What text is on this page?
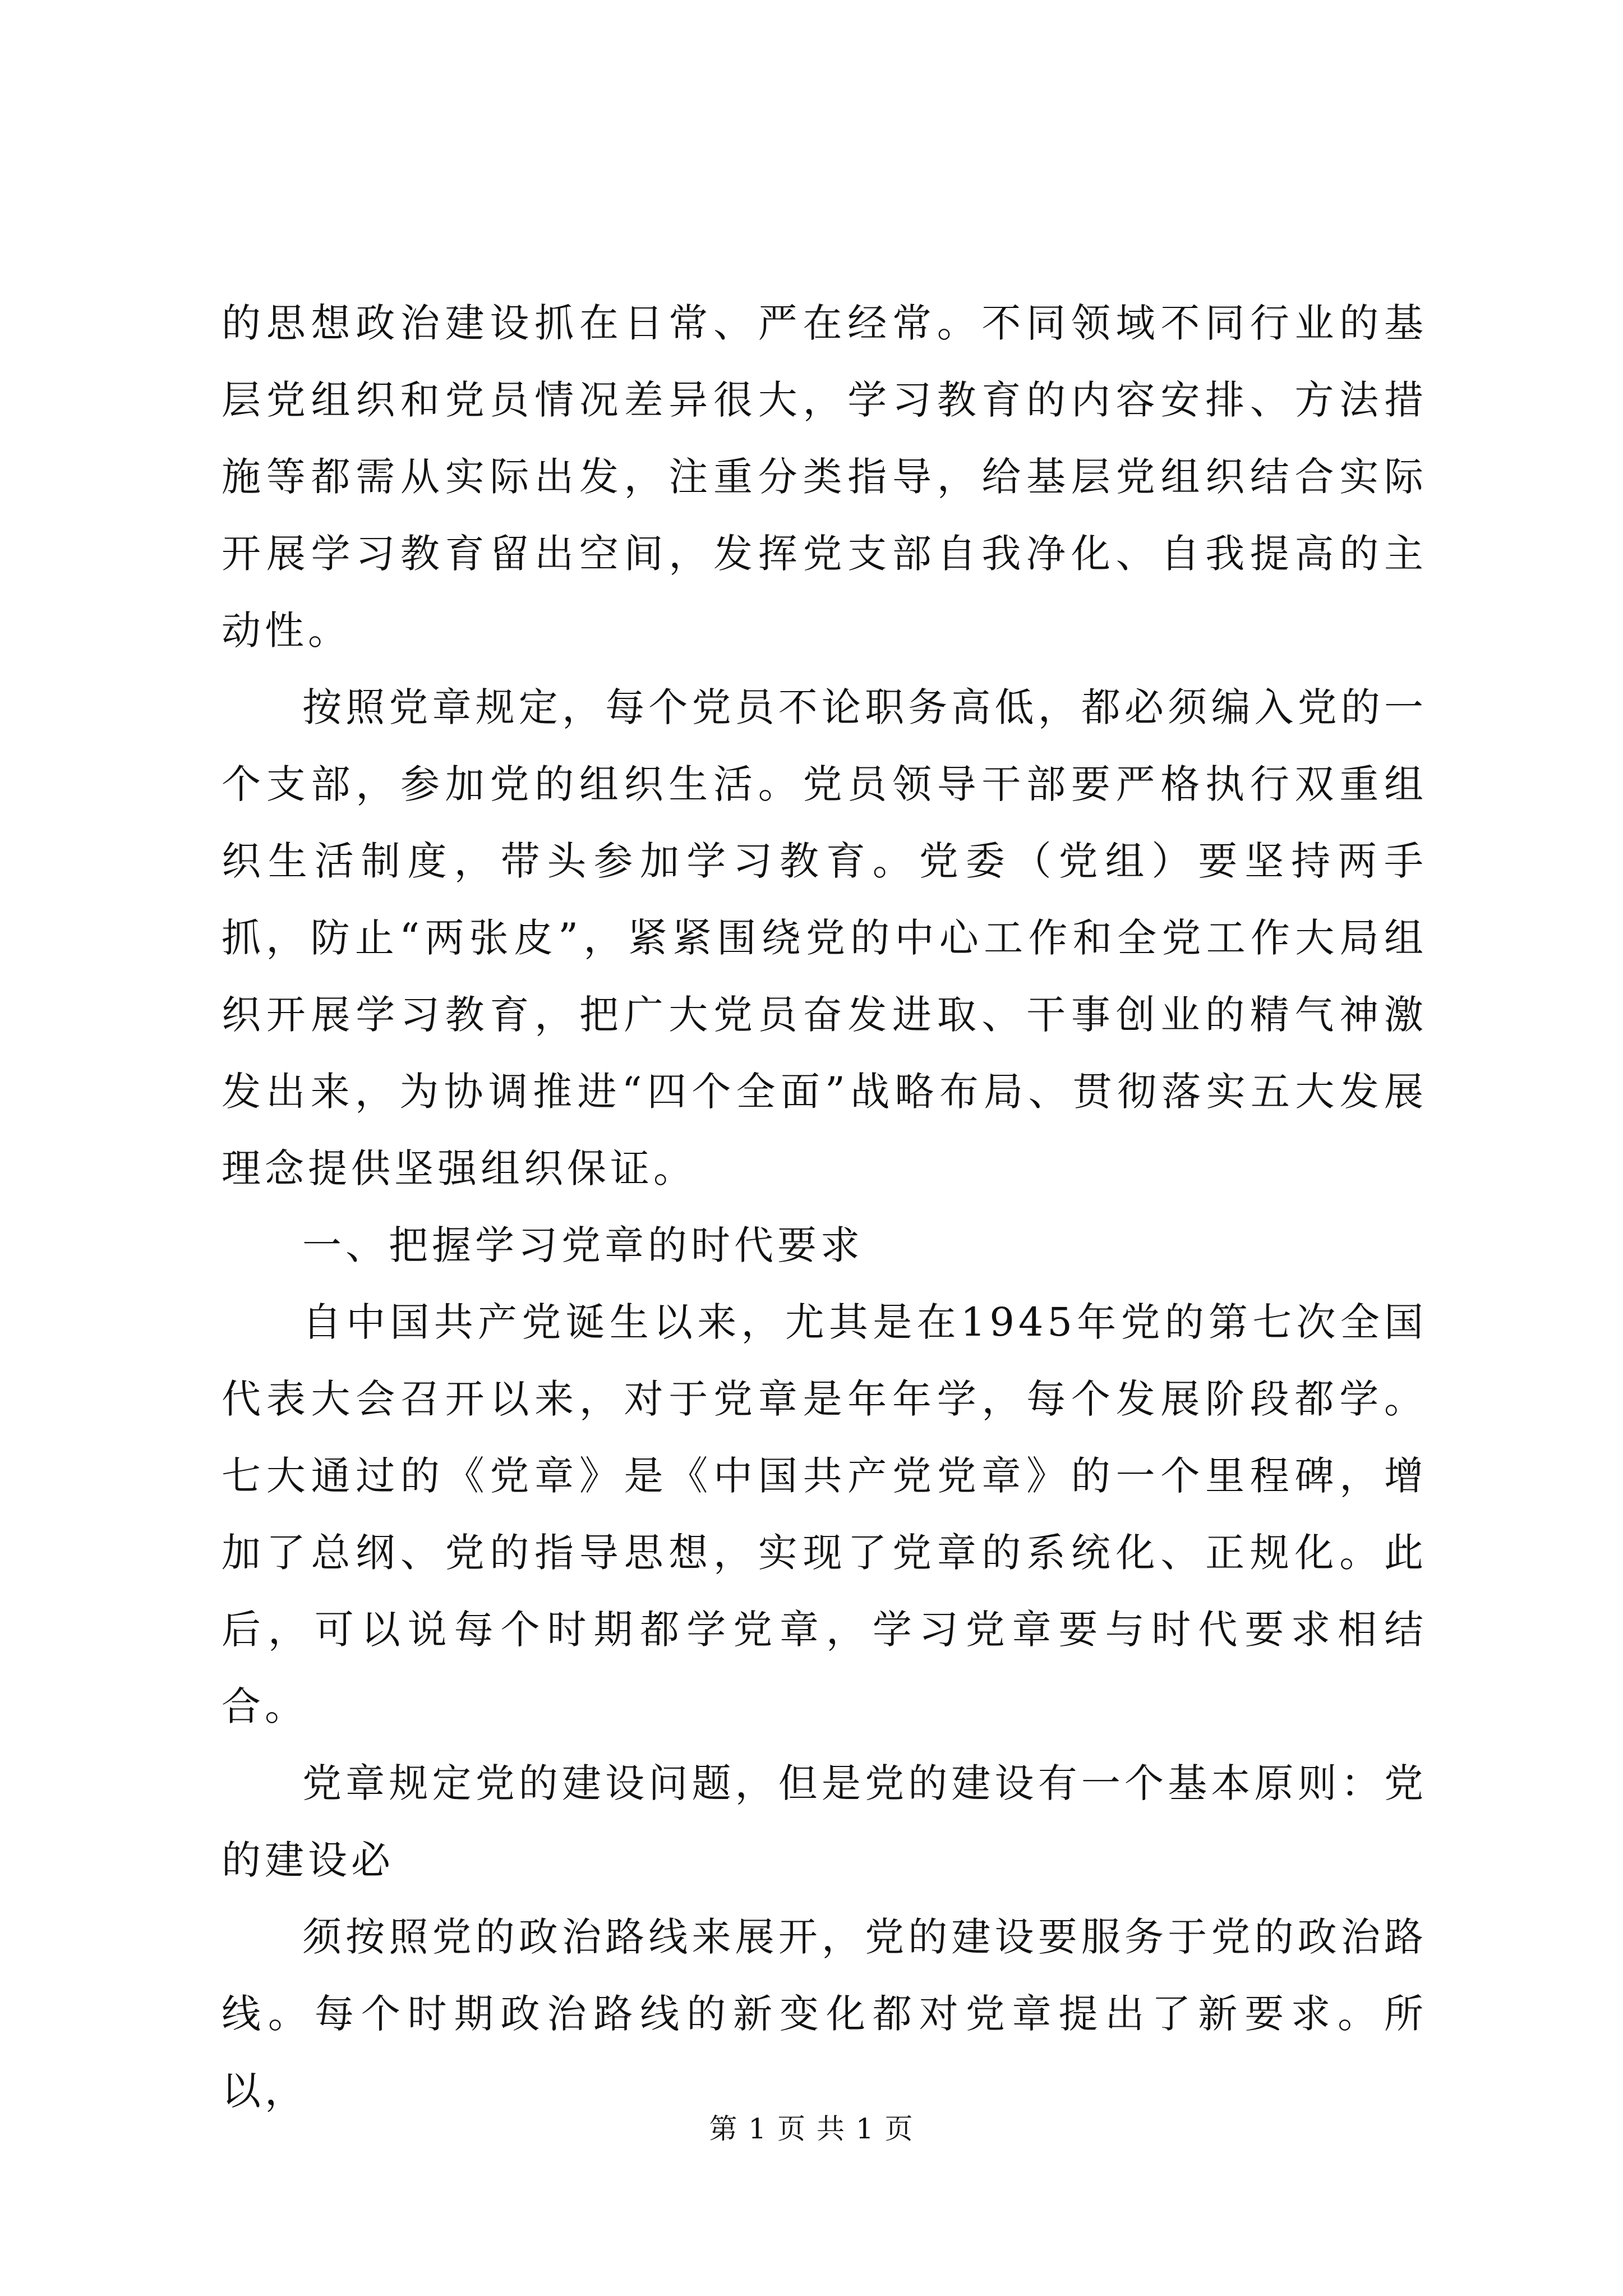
的思想政治建设抓在日常、严在经常。不同领域不同行业的基层党组织和党员情况差异很大，学习教育的内容安排、方法措施等都需从实际出发，注重分类指导，给基层党组织结合实际开展学习教育留出空间，发挥党支部自我净化、自我提高的主动性。

按照党章规定，每个党员不论职务高低，都必须编入党的一个支部，参加党的组织生活。党员领导干部要严格执行双重组织生活制度，带头参加学习教育。党委（党组）要坚持两手抓，防止“两张皮”，紧紧围绕党的中心工作和全党工作大局组织开展学习教育，把广大党员奋发进取、干事创业的精气神激发出来，为协调推进“四个全面”战略布局、贯彻落实五大发展理念提供坚强组织保证。

一、把握学习党章的时代要求

自中国共产党诞生以来，尤其是在1945年党的第七次全国代表大会召开以来，对于党章是年年学，每个发展阶段都学。七大通过的《党章》是《中国共产党党章》的一个里程碑，增加了总纲、党的指导思想，实现了党章的系统化、正规化。此后，可以说每个时期都学党章，学习党章要与时代要求相结合。

党章规定党的建设问题，但是党的建设有一个基本原则：党的建设必

须按照党的政治路线来展开，党的建设要服务于党的政治路线。每个时期政治路线的新变化都对党章提出了新要求。所以，

第 1 页 共 1 页
